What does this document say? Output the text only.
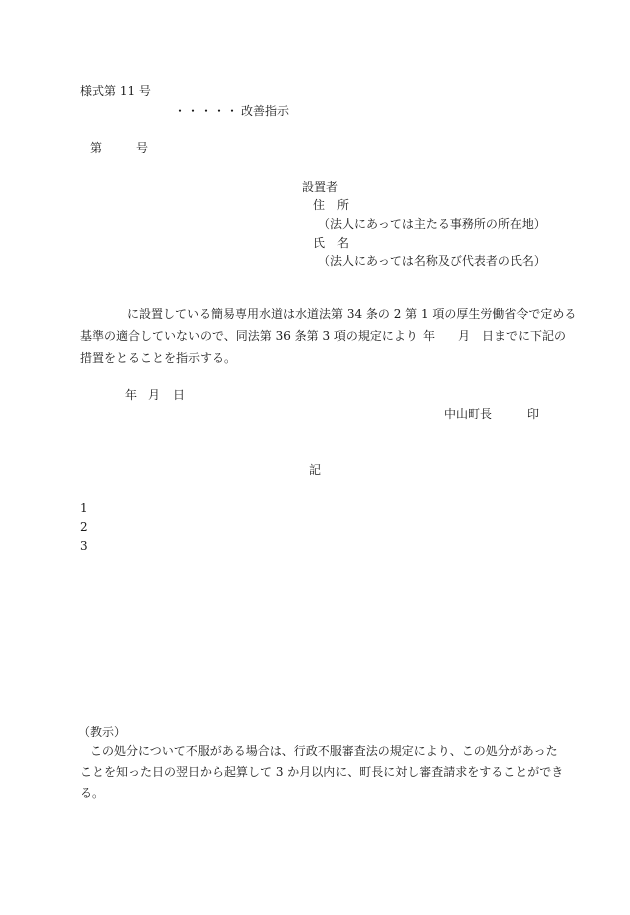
様式第 11 号
・・・・・ 改善指示
第	号
設置者
住　所
（法人にあっては主たる事務所の所在地）
氏　名
（法人にあっては名称及び代表者の氏名）
に設置している簡易専用水道は水道法第 34 条の 2 第 1 項の厚生労働省令で定める
基準の適合していないので、同法第 36 条第 3 項の規定により 年 月 日までに下記の
措置をとることを指示する。
年 月 日
中山町長	印
記
1
2
3
（教示）
この処分について不服がある場合は、行政不服審査法の規定により、この処分があった
ことを知った日の翌日から起算して 3 か月以内に、町長に対し審査請求をすることができ
る。
